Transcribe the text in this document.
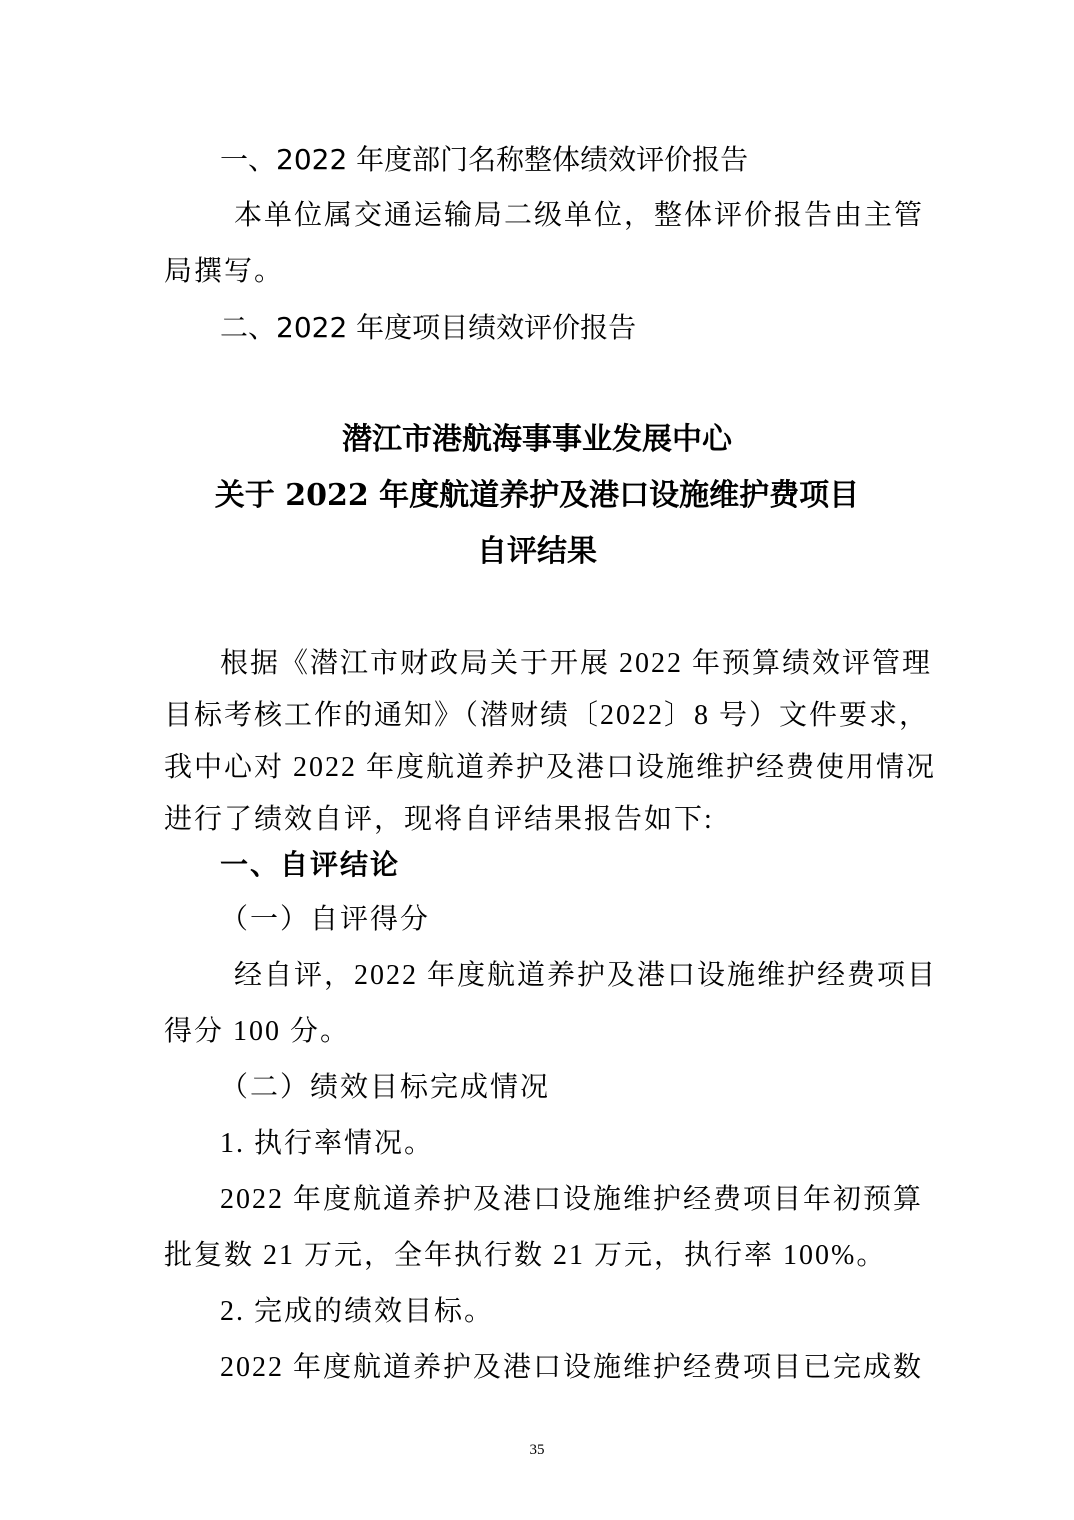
一、2022 年度部门名称整体绩效评价报告
本单位属交通运输局二级单位，整体评价报告由主管
局撰写。
二、2022 年度项目绩效评价报告
潜江市港航海事事业发展中心
关于 2022 年度航道养护及港口设施维护费项目
自评结果
根据《潜江市财政局关于开展 2022 年预算绩效评管理
目标考核工作的通知》（潜财绩〔2022〕8 号）文件要求，
我中心对 2022 年度航道养护及港口设施维护经费使用情况
进行了绩效自评，现将自评结果报告如下:
一、自评结论
（一）自评得分
经自评，2022 年度航道养护及港口设施维护经费项目
得分 100 分。
（二）绩效目标完成情况
1. 执行率情况。
2022 年度航道养护及港口设施维护经费项目年初预算
批复数 21 万元，全年执行数 21 万元，执行率 100%。
2. 完成的绩效目标。
2022 年度航道养护及港口设施维护经费项目已完成数
35
